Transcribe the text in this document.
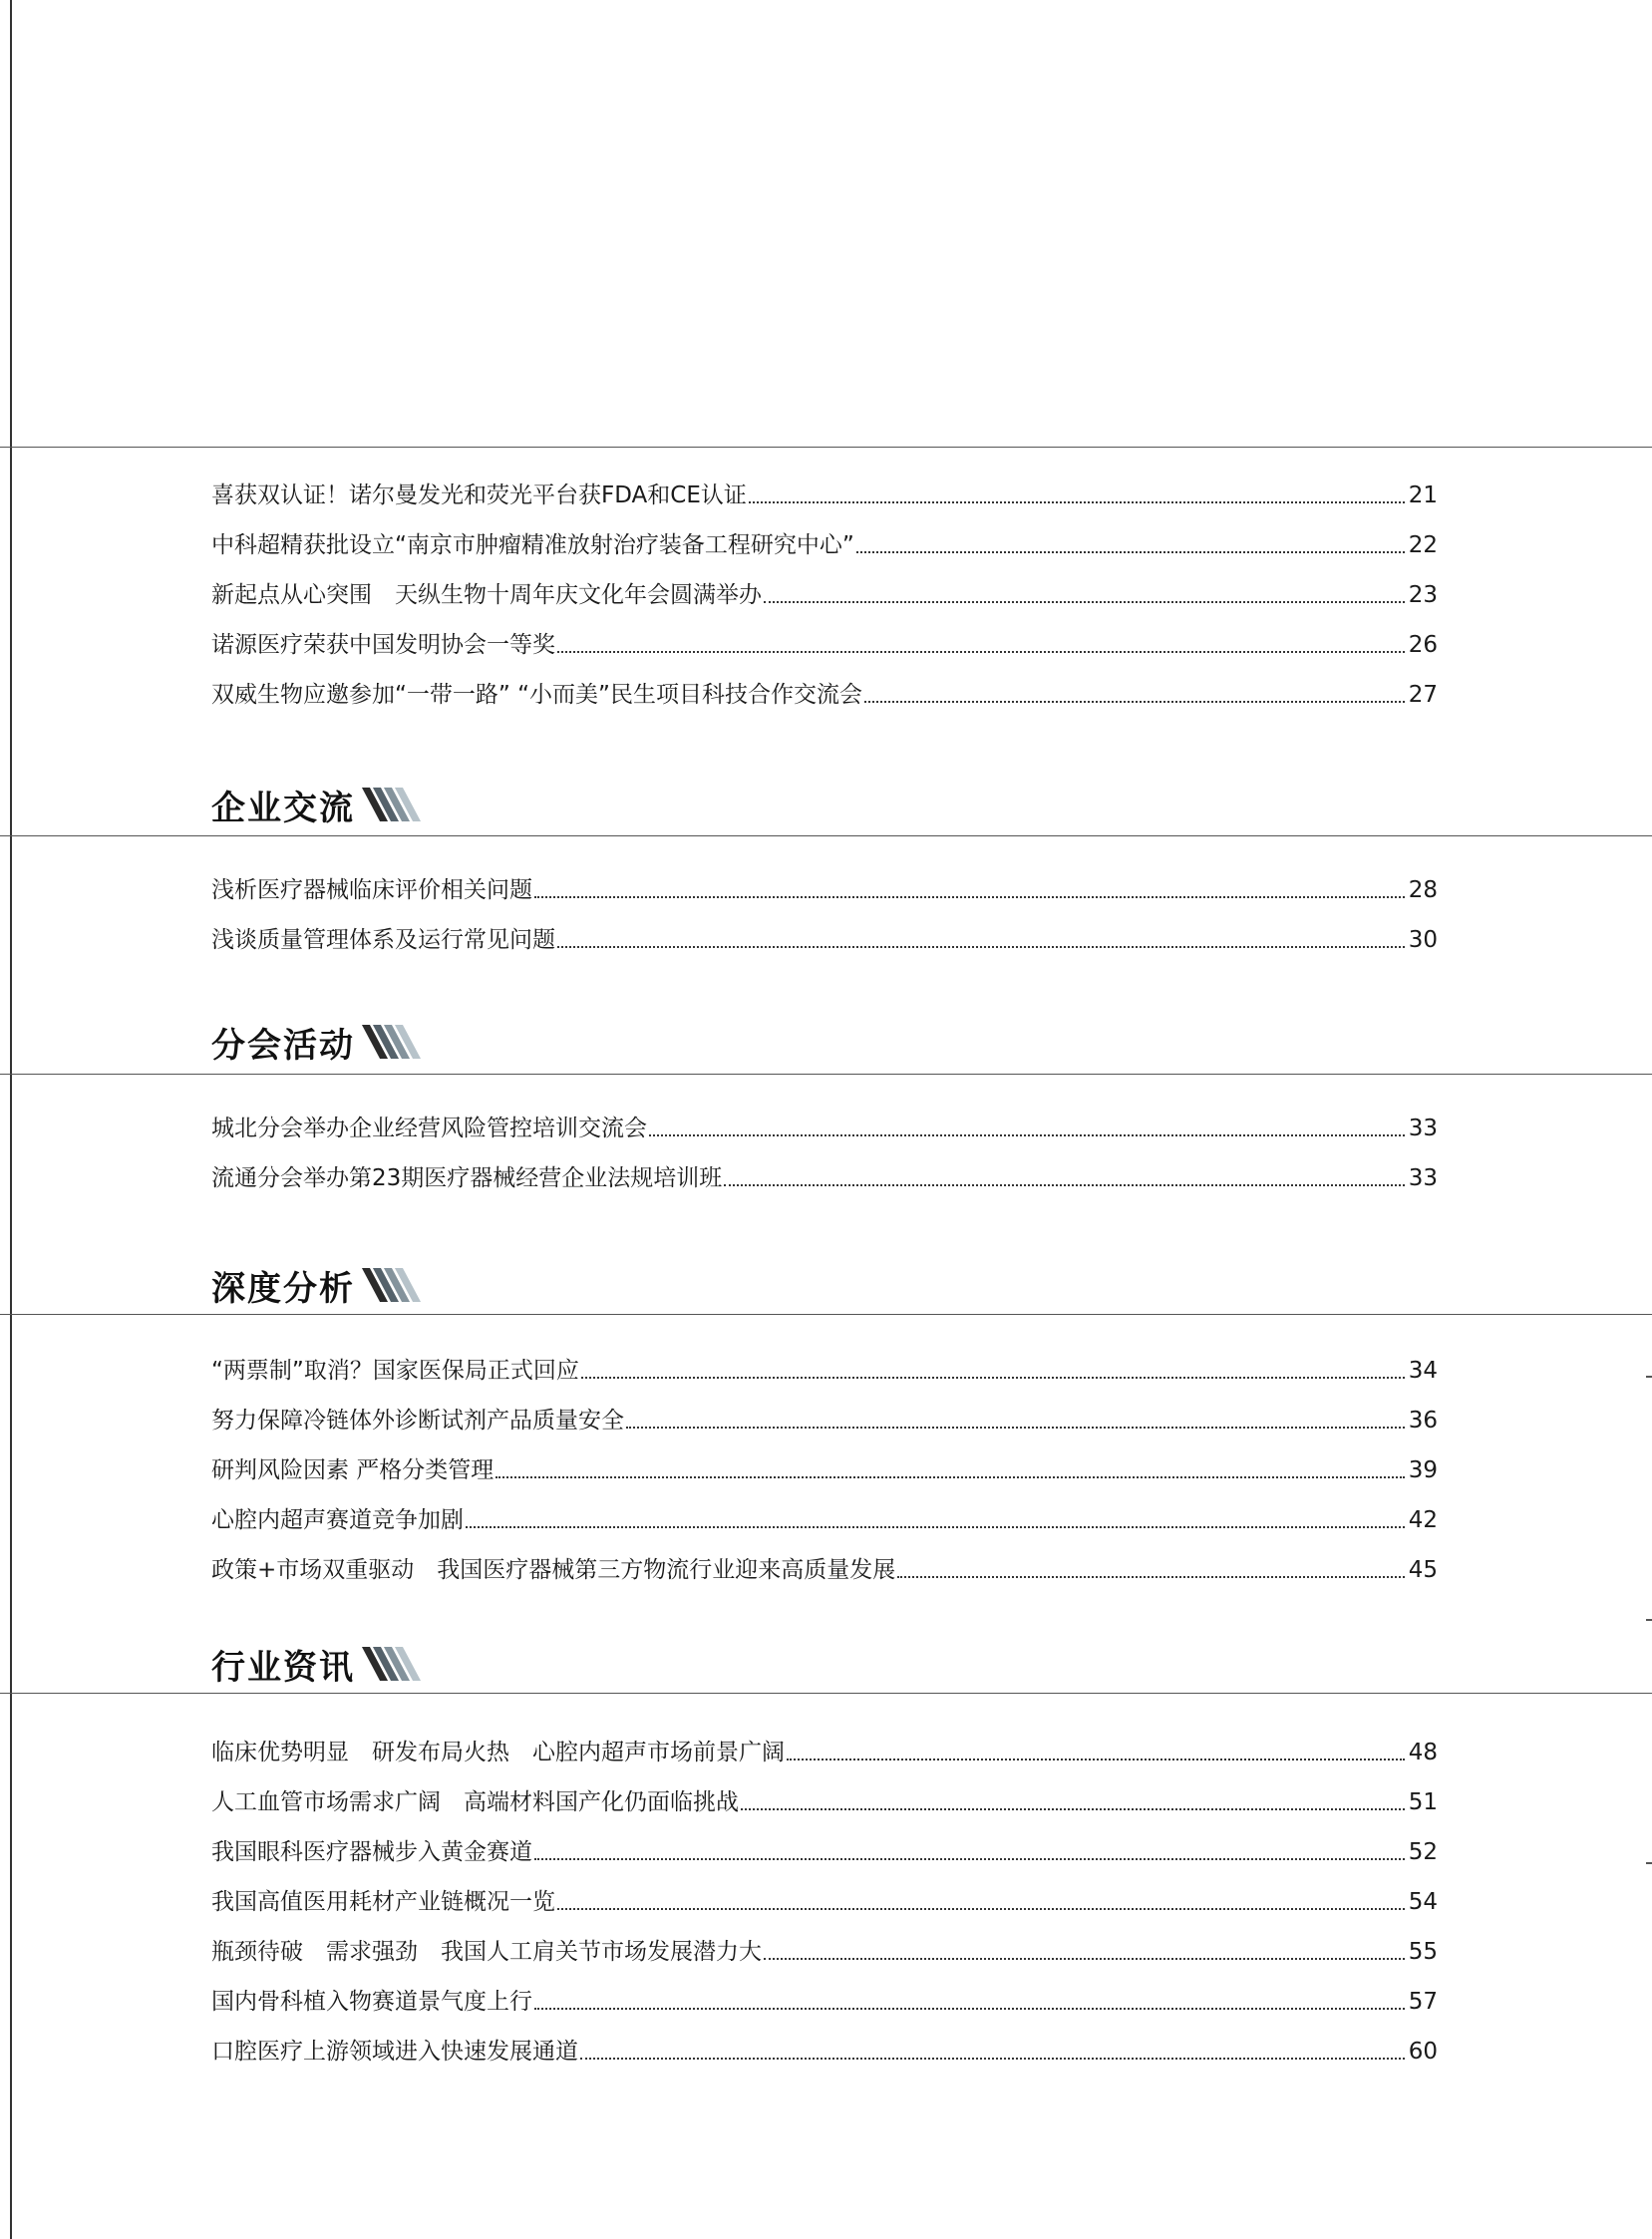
喜获双认证！诺尔曼发光和荧光平台获FDA和CE认证	21
中科超精获批设立“南京市肿瘤精准放射治疗装备工程研究中心”	22
新起点从心突围　天纵生物十周年庆文化年会圆满举办	23
诺源医疗荣获中国发明协会一等奖	26
双威生物应邀参加“一带一路” “小而美”民生项目科技合作交流会	27
企业交流
浅析医疗器械临床评价相关问题	28
浅谈质量管理体系及运行常见问题	30
分会活动
城北分会举办企业经营风险管控培训交流会	33
流通分会举办第23期医疗器械经营企业法规培训班	33
深度分析
“两票制”取消？国家医保局正式回应	34
努力保障冷链体外诊断试剂产品质量安全	36
研判风险因素 严格分类管理	39
心腔内超声赛道竞争加剧	42
政策+市场双重驱动　我国医疗器械第三方物流行业迎来高质量发展	45
行业资讯
临床优势明显　研发布局火热　心腔内超声市场前景广阔	48
人工血管市场需求广阔　高端材料国产化仍面临挑战	51
我国眼科医疗器械步入黄金赛道	52
我国高值医用耗材产业链概况一览	54
瓶颈待破　需求强劲　我国人工肩关节市场发展潜力大	55
国内骨科植入物赛道景气度上行	57
口腔医疗上游领域进入快速发展通道	60
